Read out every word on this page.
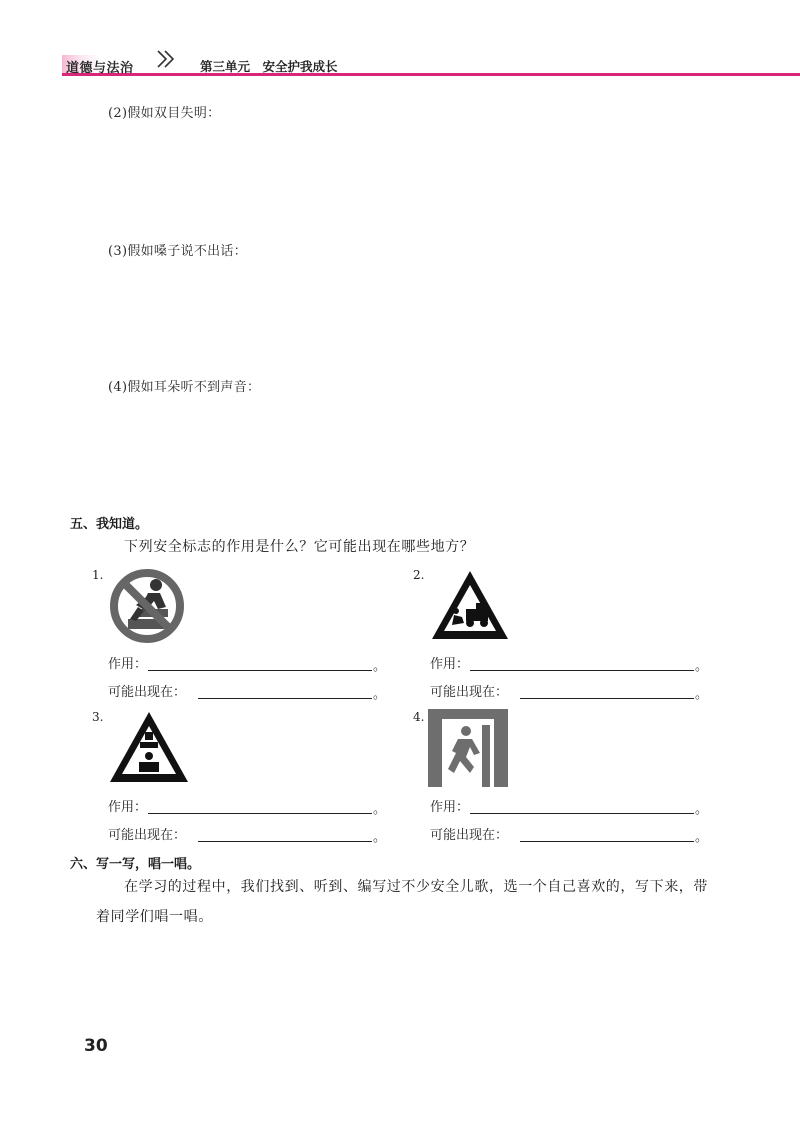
道德与法治	第三单元　安全护我成长
(2)假如双目失明：
(3)假如嗓子说不出话：
(4)假如耳朵听不到声音：
五、我知道。
下列安全标志的作用是什么？它可能出现在哪些地方？
1.
作用：	。
可能出现在：	。
2.
作用：	。
可能出现在：	。
3.
作用：	。
可能出现在：	。
4.
作用：	。
可能出现在：	。
六、写一写，唱一唱。
在学习的过程中，我们找到、听到、编写过不少安全儿歌，选一个自己喜欢的，写下来，带
着同学们唱一唱。
30
